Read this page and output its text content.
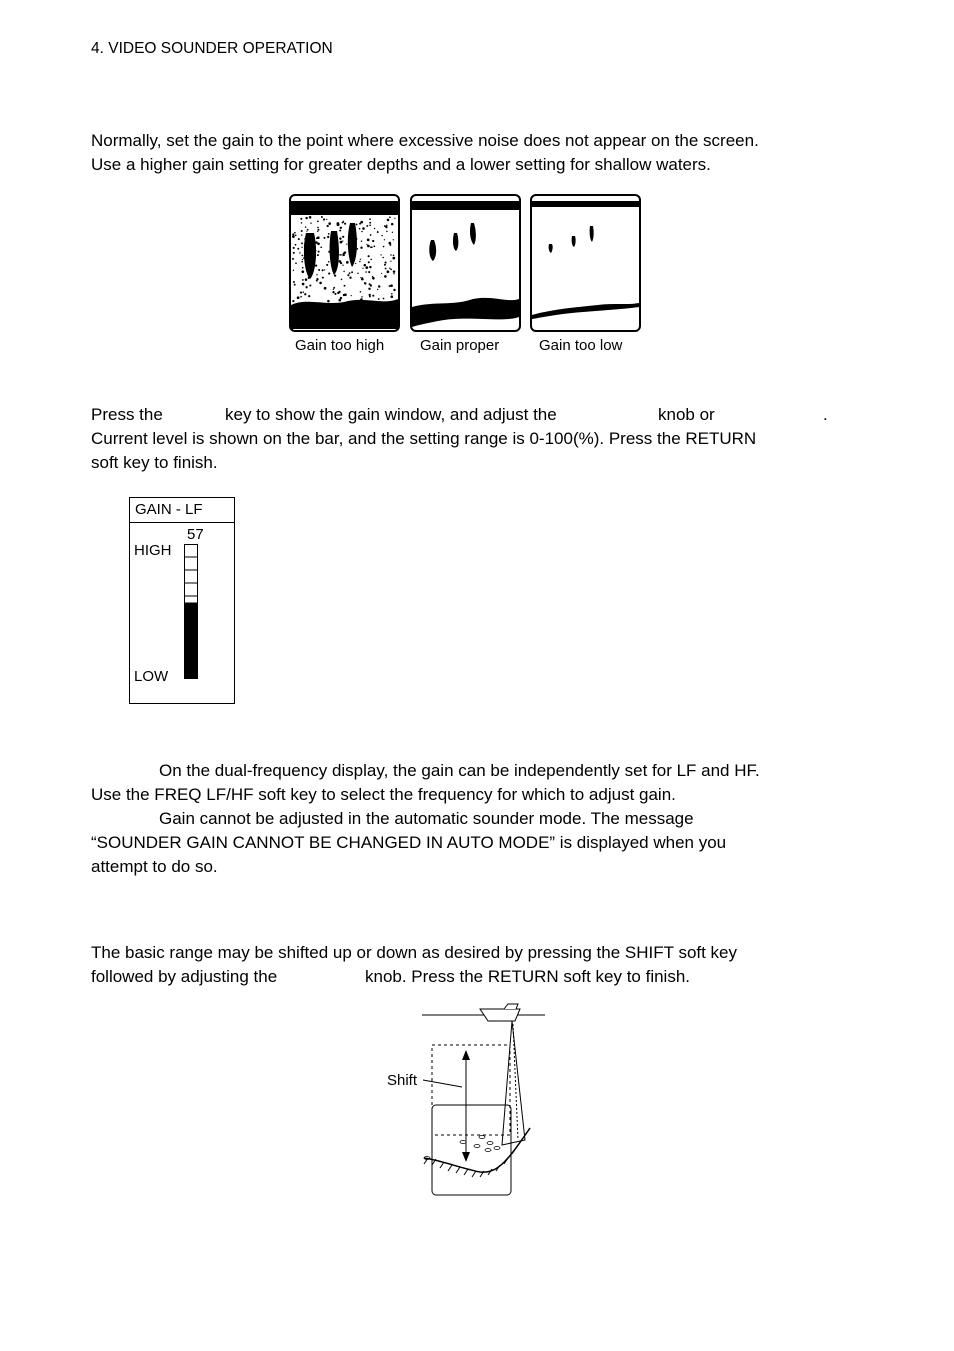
4. VIDEO SOUNDER OPERATION
Normally, set the gain to the point where excessive noise does not appear on the screen.
Use a higher gain setting for greater depths and a lower setting for shallow waters.
Gain too high Gain proper	Gain too low
Press the	key to show the gain window, and adjust the	knob or	.
Current level is shown on the bar, and the setting range is 0-100(%). Press the RETURN
soft key to finish.
GAIN - LF
57
HIGH
LOW
On the dual-frequency display, the gain can be independently set for LF and HF.
Use the FREQ LF/HF soft key to select the frequency for which to adjust gain.
Gain cannot be adjusted in the automatic sounder mode. The message
“SOUNDER GAIN CANNOT BE CHANGED IN AUTO MODE” is displayed when you
attempt to do so.
The basic range may be shifted up or down as desired by pressing the SHIFT soft key
followed by adjusting the	knob. Press the RETURN soft key to finish.
Shift
